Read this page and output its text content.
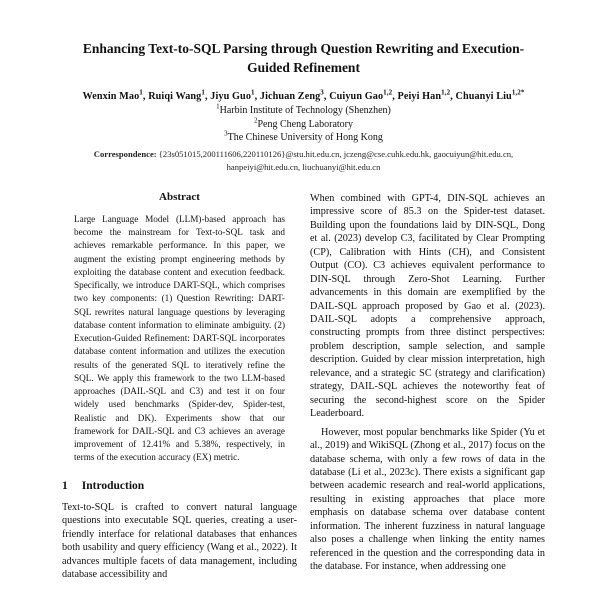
Enhancing Text-to-SQL Parsing through Question Rewriting and Execution-Guided Refinement
Wenxin Mao$^1$, Ruiqi Wang$^1$, Jiyu Guo$^1$, Jichuan Zeng$^3$, Cuiyun Gao$^{1,2}$, Peiyi Han$^{1,2}$, Chuanyi Liu$^{1,2*}$
$^1$Harbin Institute of Technology (Shenzhen)
$^2$Peng Cheng Laboratory
$^3$The Chinese University of Hong Kong
Correspondence: {23s051015,200111606,220110126}@stu.hit.edu.cn, jczeng@cse.cuhk.edu.hk, gaocuiyun@hit.edu.cn, hanpeiyi@hit.edu.cn, liuchuanyi@hit.edu.cn
Abstract

Large Language Model (LLM)-based approach has become the mainstream for Text-to-SQL task and achieves remarkable performance. In this paper, we augment the existing prompt engineering methods by exploiting the database content and execution feedback. Specifically, we introduce DART-SQL, which comprises two key components: (1) Question Rewriting: DART-SQL rewrites natural language questions by leveraging database content information to eliminate ambiguity. (2) Execution-Guided Refinement: DART-SQL incorporates database content information and utilizes the execution results of the generated SQL to iteratively refine the SQL. We apply this framework to the two LLM-based approaches (DAIL-SQL and C3) and test it on four widely used benchmarks (Spider-dev, Spider-test, Realistic and DK). Experiments show that our framework for DAIL-SQL and C3 achieves an average improvement of 12.41% and 5.38%, respectively, in terms of the execution accuracy (EX) metric.

1 Introduction

Text-to-SQL is crafted to convert natural language questions into executable SQL queries, creating a user-friendly interface for relational databases that enhances both usability and query efficiency (Wang et al., 2022). It advances multiple facets of data management, including database accessibility and

When combined with GPT-4, DIN-SQL achieves an impressive score of 85.3 on the Spider-test dataset. Building upon the foundations laid by DIN-SQL, Dong et al. (2023) develop C3, facilitated by Clear Prompting (CP), Calibration with Hints (CH), and Consistent Output (CO). C3 achieves equivalent performance to DIN-SQL through Zero-Shot Learning. Further advancements in this domain are exemplified by the DAIL-SQL approach proposed by Gao et al. (2023). DAIL-SQL adopts a comprehensive approach, constructing prompts from three distinct perspectives: problem description, sample selection, and sample description. Guided by clear mission interpretation, high relevance, and a strategic SC (strategy and clarification) strategy, DAIL-SQL achieves the noteworthy feat of securing the second-highest score on the Spider Leaderboard.

However, most popular benchmarks like Spider (Yu et al., 2019) and WikiSQL (Zhong et al., 2017) focus on the database schema, with only a few rows of data in the database (Li et al., 2023c). There exists a significant gap between academic research and real-world applications, resulting in existing approaches that place more emphasis on database schema over database content information. The inherent fuzziness in natural language also poses a challenge when linking the entity names referenced in the question and the corresponding data in the database. For instance, when addressing one
